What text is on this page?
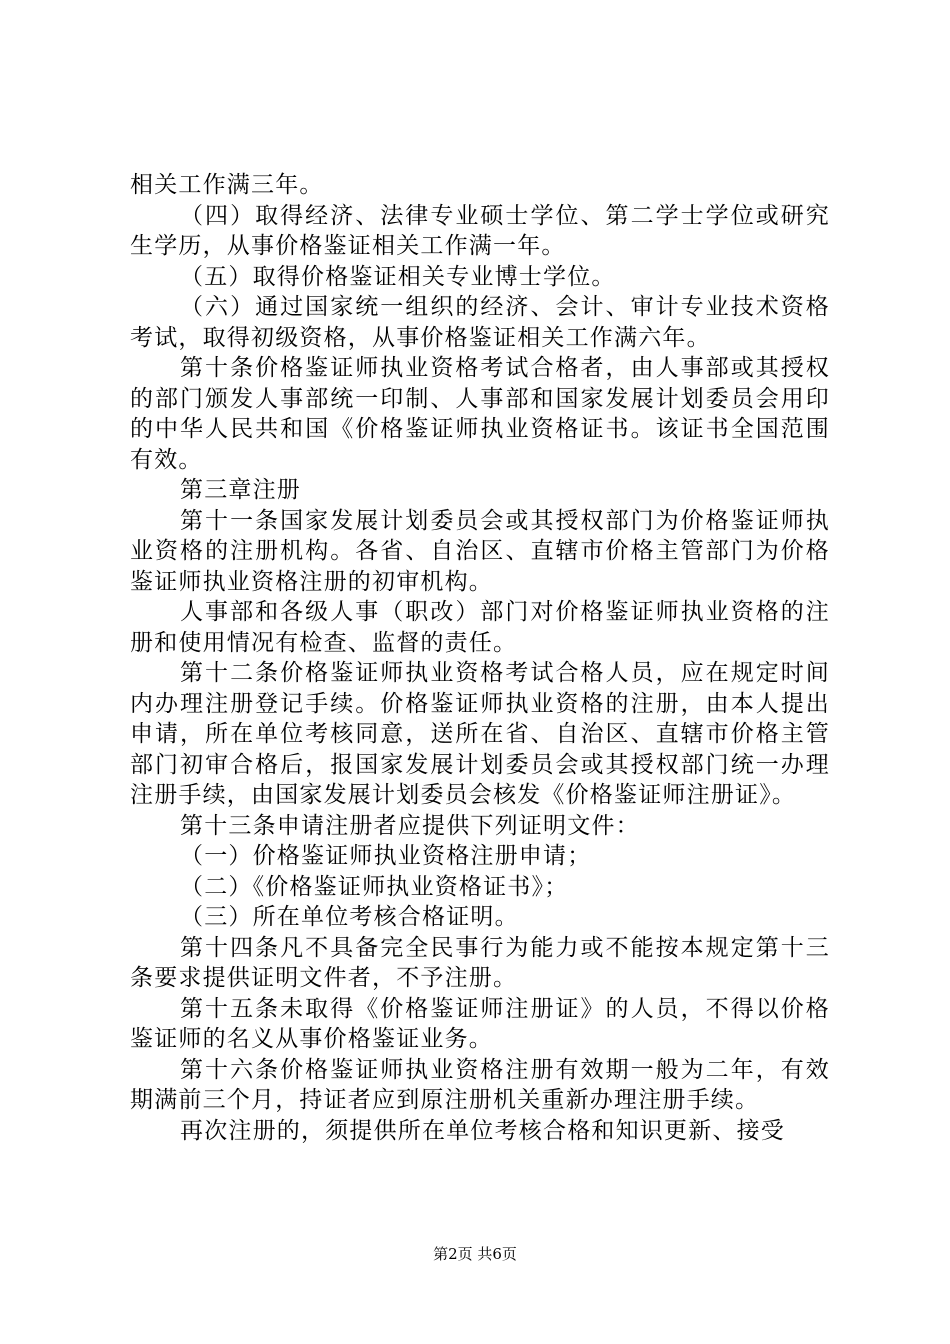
相关工作满三年。

（四）取得经济、法律专业硕士学位、第二学士学位或研究生学历，从事价格鉴证相关工作满一年。

（五）取得价格鉴证相关专业博士学位。

（六）通过国家统一组织的经济、会计、审计专业技术资格考试，取得初级资格，从事价格鉴证相关工作满六年。

第十条价格鉴证师执业资格考试合格者，由人事部或其授权的部门颁发人事部统一印制、人事部和国家发展计划委员会用印的中华人民共和国《价格鉴证师执业资格证书。该证书全国范围有效。

第三章注册

第十一条国家发展计划委员会或其授权部门为价格鉴证师执业资格的注册机构。各省、自治区、直辖市价格主管部门为价格鉴证师执业资格注册的初审机构。

人事部和各级人事（职改）部门对价格鉴证师执业资格的注册和使用情况有检查、监督的责任。

第十二条价格鉴证师执业资格考试合格人员，应在规定时间内办理注册登记手续。价格鉴证师执业资格的注册，由本人提出申请，所在单位考核同意，送所在省、自治区、直辖市价格主管部门初审合格后，报国家发展计划委员会或其授权部门统一办理注册手续，由国家发展计划委员会核发《价格鉴证师注册证》。

第十三条申请注册者应提供下列证明文件：

（一）价格鉴证师执业资格注册申请；

（二）《价格鉴证师执业资格证书》；

（三）所在单位考核合格证明。

第十四条凡不具备完全民事行为能力或不能按本规定第十三条要求提供证明文件者，不予注册。

第十五条未取得《价格鉴证师注册证》的人员，不得以价格鉴证师的名义从事价格鉴证业务。

第十六条价格鉴证师执业资格注册有效期一般为二年，有效期满前三个月，持证者应到原注册机关重新办理注册手续。

再次注册的，须提供所在单位考核合格和知识更新、接受

第2页 共6页
